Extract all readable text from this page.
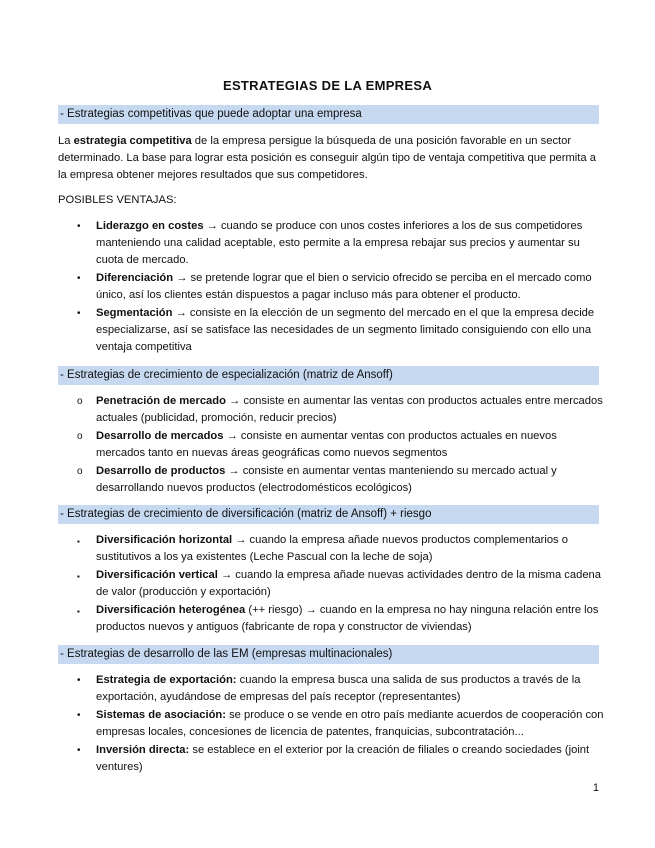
ESTRATEGIAS DE LA EMPRESA
- Estrategias competitivas que puede adoptar una empresa
La estrategia competitiva de la empresa persigue la búsqueda de una posición favorable en un sector determinado. La base para lograr esta posición es conseguir algún tipo de ventaja competitiva que permita a la empresa obtener mejores resultados que sus competidores.
POSIBLES VENTAJAS:
• Liderazgo en costes → cuando se produce con unos costes inferiores a los de sus competidores manteniendo una calidad aceptable, esto permite a la empresa rebajar sus precios y aumentar su cuota de mercado.
• Diferenciación → se pretende lograr que el bien o servicio ofrecido se perciba en el mercado como único, así los clientes están dispuestos a pagar incluso más para obtener el producto.
• Segmentación → consiste en la elección de un segmento del mercado en el que la empresa decide especializarse, así se satisface las necesidades de un segmento limitado consiguiendo con ello una ventaja competitiva
- Estrategias de crecimiento de especialización (matriz de Ansoff)
o Penetración de mercado → consiste en aumentar las ventas con productos actuales entre mercados actuales (publicidad, promoción, reducir precios)
o Desarrollo de mercados → consiste en aumentar ventas con productos actuales en nuevos mercados tanto en nuevas áreas geográficas como nuevos segmentos
o Desarrollo de productos → consiste en aumentar ventas manteniendo su mercado actual y desarrollando nuevos productos (electrodomésticos ecológicos)
- Estrategias de crecimiento de diversificación (matriz de Ansoff) + riesgo
▪ Diversificación horizontal → cuando la empresa añade nuevos productos complementarios o sustitutivos a los ya existentes (Leche Pascual con la leche de soja)
▪ Diversificación vertical → cuando la empresa añade nuevas actividades dentro de la misma cadena de valor (producción y exportación)
▪ Diversificación heterogénea (++ riesgo) → cuando en la empresa no hay ninguna relación entre los productos nuevos y antiguos (fabricante de ropa y constructor de viviendas)
- Estrategias de desarrollo de las EM (empresas multinacionales)
• Estrategia de exportación: cuando la empresa busca una salida de sus productos a través de la exportación, ayudándose de empresas del país receptor (representantes)
• Sistemas de asociación: se produce o se vende en otro país mediante acuerdos de cooperación con empresas locales, concesiones de licencia de patentes, franquicias, subcontratación...
• Inversión directa: se establece en el exterior por la creación de filiales o creando sociedades (joint ventures)
1
